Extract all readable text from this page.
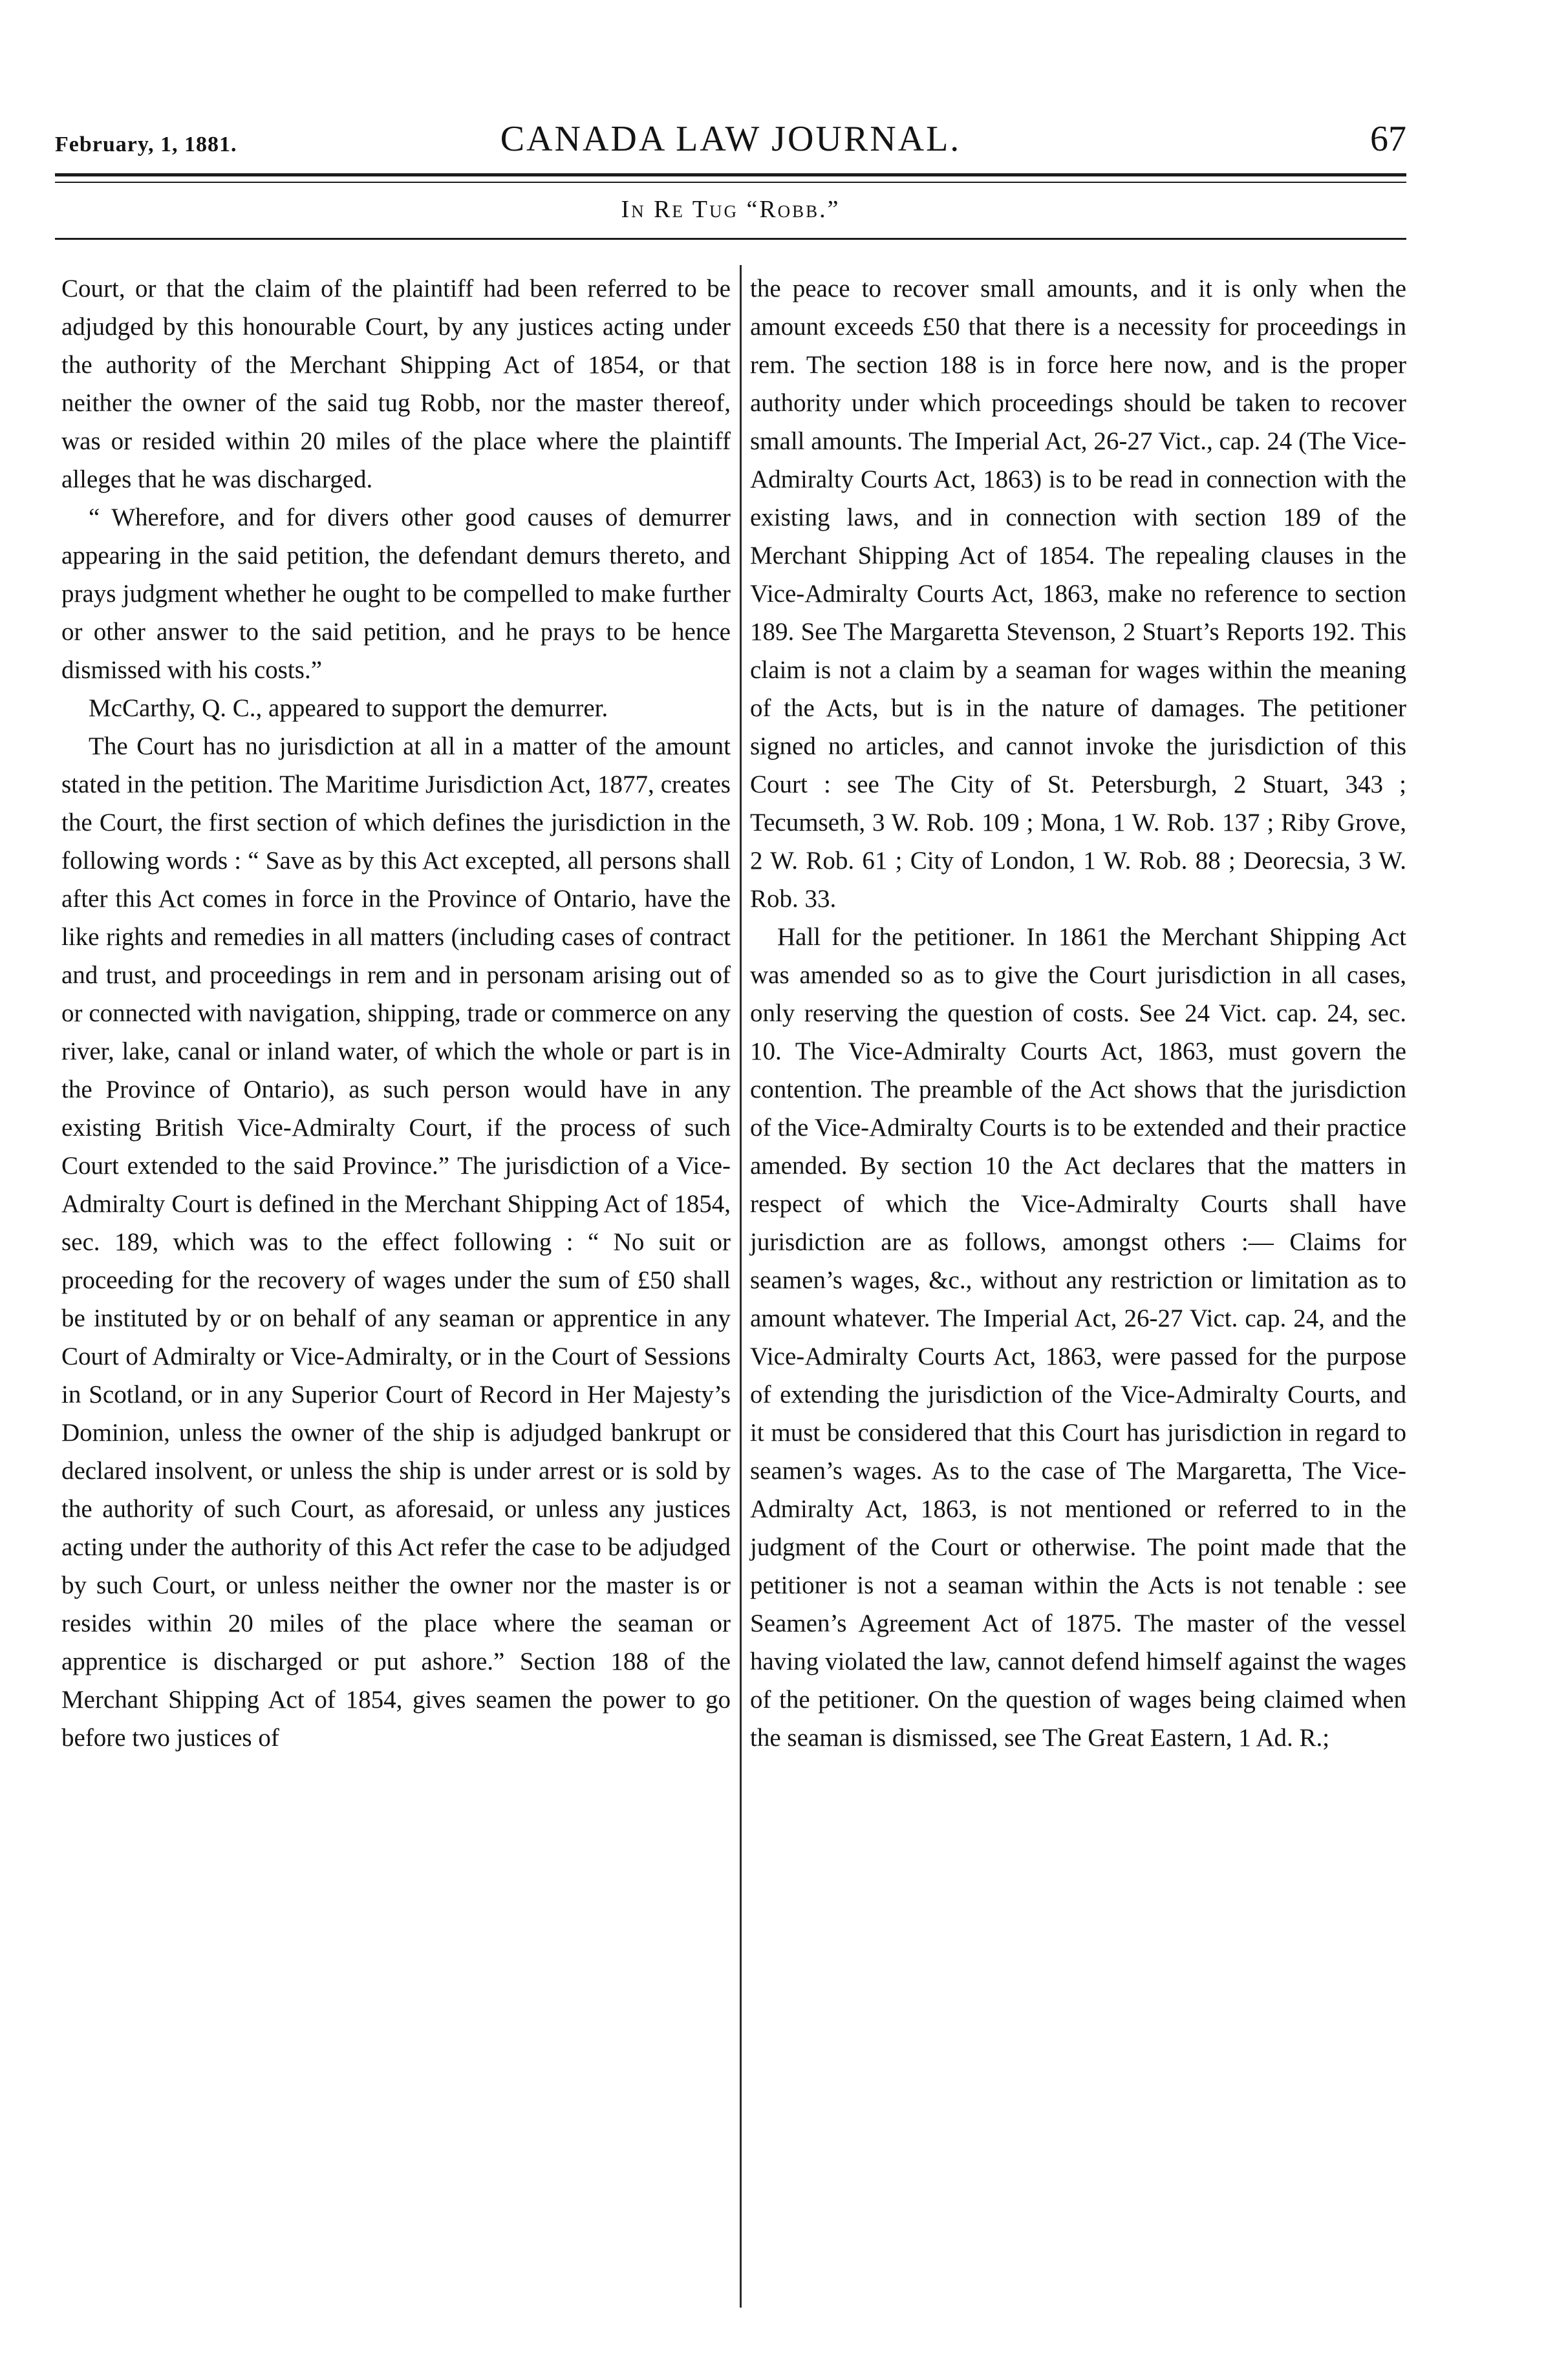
February, 1, 1881.	CANADA LAW JOURNAL.	67
In Re Tug “Robb.”

Court, or that the claim of the plaintiff had been referred to be adjudged by this honourable Court, by any justices acting under the authority of the Merchant Shipping Act of 1854, or that neither the owner of the said tug Robb, nor the master thereof, was or resided within 20 miles of the place where the plaintiff alleges that he was discharged.

“ Wherefore, and for divers other good causes of demurrer appearing in the said petition, the defendant demurs thereto, and prays judgment whether he ought to be compelled to make further or other answer to the said petition, and he prays to be hence dismissed with his costs.”

McCarthy, Q. C., appeared to support the demurrer.

The Court has no jurisdiction at all in a matter of the amount stated in the petition. The Maritime Jurisdiction Act, 1877, creates the Court, the first section of which defines the jurisdiction in the following words : “ Save as by this Act excepted, all persons shall after this Act comes in force in the Province of Ontario, have the like rights and remedies in all matters (including cases of contract and trust, and proceedings in rem and in personam arising out of or connected with navigation, shipping, trade or commerce on any river, lake, canal or inland water, of which the whole or part is in the Province of Ontario), as such person would have in any existing British Vice-Admiralty Court, if the process of such Court extended to the said Province.” The jurisdiction of a Vice-Admiralty Court is defined in the Merchant Shipping Act of 1854, sec. 189, which was to the effect following : “ No suit or proceeding for the recovery of wages under the sum of £50 shall be instituted by or on behalf of any seaman or apprentice in any Court of Admiralty or Vice-Admiralty, or in the Court of Sessions in Scotland, or in any Superior Court of Record in Her Majesty’s Dominion, unless the owner of the ship is adjudged bankrupt or declared insolvent, or unless the ship is under arrest or is sold by the authority of such Court, as aforesaid, or unless any justices acting under the authority of this Act refer the case to be adjudged by such Court, or unless neither the owner nor the master is or resides within 20 miles of the place where the seaman or apprentice is discharged or put ashore.” Section 188 of the Merchant Shipping Act of 1854, gives seamen the power to go before two justices of

the peace to recover small amounts, and it is only when the amount exceeds £50 that there is a necessity for proceedings in rem. The section 188 is in force here now, and is the proper authority under which proceedings should be taken to recover small amounts. The Imperial Act, 26-27 Vict., cap. 24 (The Vice-Admiralty Courts Act, 1863) is to be read in connection with the existing laws, and in connection with section 189 of the Merchant Shipping Act of 1854. The repealing clauses in the Vice-Admiralty Courts Act, 1863, make no reference to section 189. See The Margaretta Stevenson, 2 Stuart’s Reports 192. This claim is not a claim by a seaman for wages within the meaning of the Acts, but is in the nature of damages. The petitioner signed no articles, and cannot invoke the jurisdiction of this Court : see The City of St. Petersburgh, 2 Stuart, 343 ; Tecumseth, 3 W. Rob. 109 ; Mona, 1 W. Rob. 137 ; Riby Grove, 2 W. Rob. 61 ; City of London, 1 W. Rob. 88 ; Deorecsia, 3 W. Rob. 33.

Hall for the petitioner. In 1861 the Merchant Shipping Act was amended so as to give the Court jurisdiction in all cases, only reserving the question of costs. See 24 Vict. cap. 24, sec. 10. The Vice-Admiralty Courts Act, 1863, must govern the contention. The preamble of the Act shows that the jurisdiction of the Vice-Admiralty Courts is to be extended and their practice amended. By section 10 the Act declares that the matters in respect of which the Vice-Admiralty Courts shall have jurisdiction are as follows, amongst others :— Claims for seamen’s wages, &c., without any restriction or limitation as to amount whatever. The Imperial Act, 26-27 Vict. cap. 24, and the Vice-Admiralty Courts Act, 1863, were passed for the purpose of extending the jurisdiction of the Vice-Admiralty Courts, and it must be considered that this Court has jurisdiction in regard to seamen’s wages. As to the case of The Margaretta, The Vice-Admiralty Act, 1863, is not mentioned or referred to in the judgment of the Court or otherwise. The point made that the petitioner is not a seaman within the Acts is not tenable : see Seamen’s Agreement Act of 1875. The master of the vessel having violated the law, cannot defend himself against the wages of the petitioner. On the question of wages being claimed when the seaman is dismissed, see The Great Eastern, 1 Ad. R.;
